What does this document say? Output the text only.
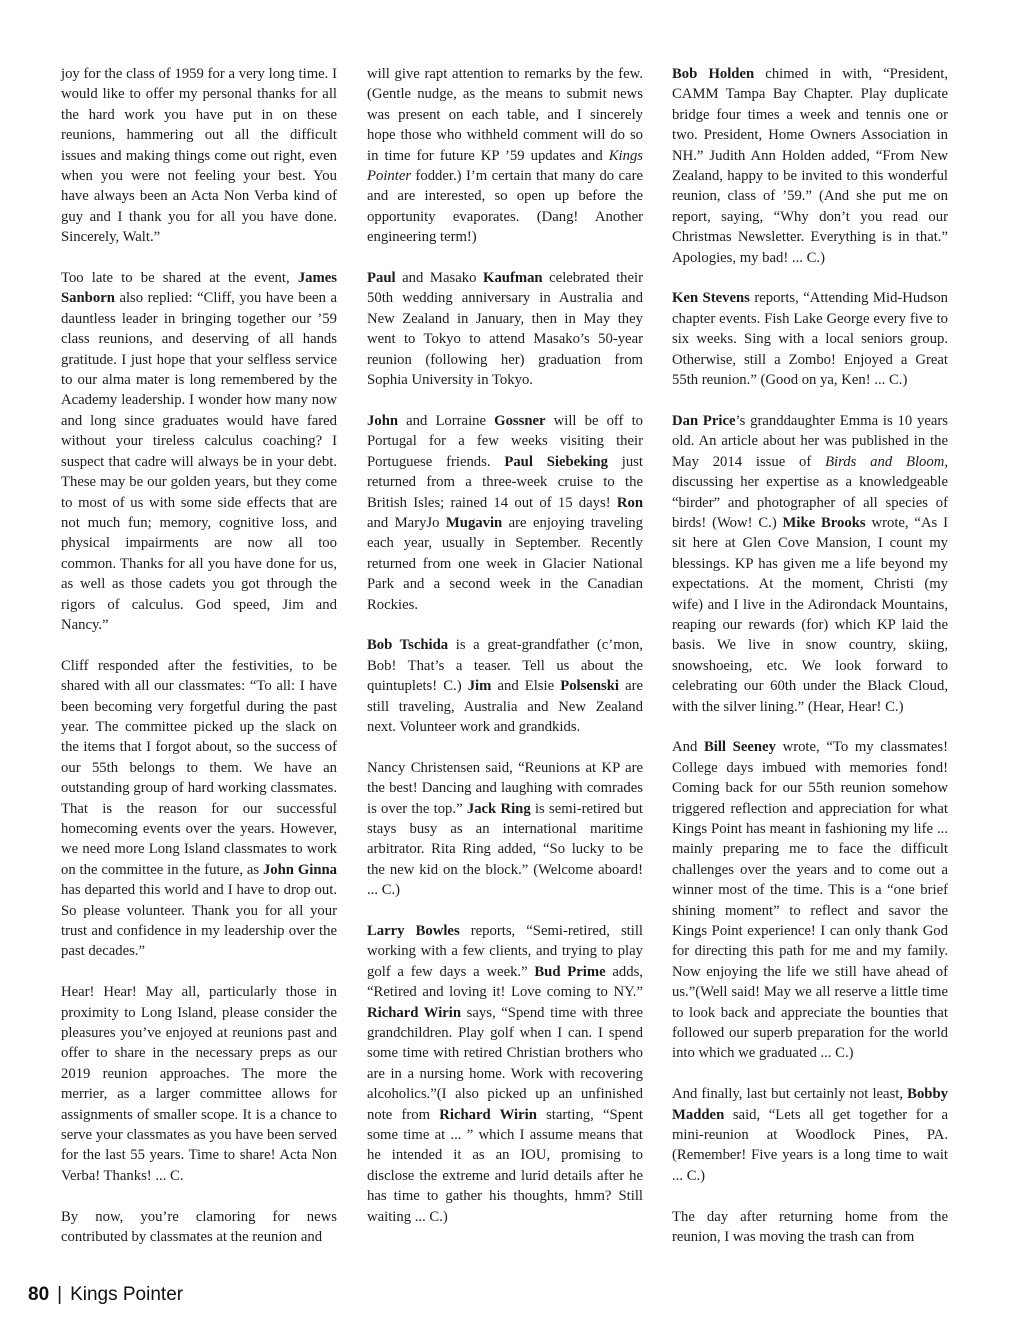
joy for the class of 1959 for a very long time. I would like to offer my personal thanks for all the hard work you have put in on these reunions, hammering out all the difficult issues and making things come out right, even when you were not feeling your best. You have always been an Acta Non Verba kind of guy and I thank you for all you have done. Sincerely, Walt.”

Too late to be shared at the event, James Sanborn also replied: “Cliff, you have been a dauntless leader in bringing together our ’59 class reunions, and deserving of all hands gratitude. I just hope that your selfless service to our alma mater is long remembered by the Academy leadership. I wonder how many now and long since graduates would have fared without your tireless calculus coaching? I suspect that cadre will always be in your debt. These may be our golden years, but they come to most of us with some side effects that are not much fun; memory, cognitive loss, and physical impairments are now all too common. Thanks for all you have done for us, as well as those cadets you got through the rigors of calculus. God speed, Jim and Nancy.”

Cliff responded after the festivities, to be shared with all our classmates: “To all: I have been becoming very forgetful during the past year. The committee picked up the slack on the items that I forgot about, so the success of our 55th belongs to them. We have an outstanding group of hard working classmates. That is the reason for our successful homecoming events over the years. However, we need more Long Island classmates to work on the committee in the future, as John Ginna has departed this world and I have to drop out. So please volunteer. Thank you for all your trust and confidence in my leadership over the past decades.”

Hear! Hear! May all, particularly those in proximity to Long Island, please consider the pleasures you’ve enjoyed at reunions past and offer to share in the necessary preps as our 2019 reunion approaches. The more the merrier, as a larger committee allows for assignments of smaller scope. It is a chance to serve your classmates as you have been served for the last 55 years. Time to share! Acta Non Verba! Thanks! ... C.

By now, you’re clamoring for news contributed by classmates at the reunion and

will give rapt attention to remarks by the few. (Gentle nudge, as the means to submit news was present on each table, and I sincerely hope those who withheld comment will do so in time for future KP ’59 updates and Kings Pointer fodder.) I’m certain that many do care and are interested, so open up before the opportunity evaporates. (Dang! Another engineering term!)

Paul and Masako Kaufman celebrated their 50th wedding anniversary in Australia and New Zealand in January, then in May they went to Tokyo to attend Masako’s 50-year reunion (following her) graduation from Sophia University in Tokyo.

John and Lorraine Gossner will be off to Portugal for a few weeks visiting their Portuguese friends. Paul Siebeking just returned from a three-week cruise to the British Isles; rained 14 out of 15 days! Ron and MaryJo Mugavin are enjoying traveling each year, usually in September. Recently returned from one week in Glacier National Park and a second week in the Canadian Rockies.

Bob Tschida is a great-grandfather (c’mon, Bob! That’s a teaser. Tell us about the quintuplets! C.) Jim and Elsie Polsenski are still traveling, Australia and New Zealand next. Volunteer work and grandkids.

Nancy Christensen said, “Reunions at KP are the best! Dancing and laughing with comrades is over the top.” Jack Ring is semi-retired but stays busy as an international maritime arbitrator. Rita Ring added, “So lucky to be the new kid on the block.” (Welcome aboard! ... C.)

Larry Bowles reports, “Semi-retired, still working with a few clients, and trying to play golf a few days a week.” Bud Prime adds, “Retired and loving it! Love coming to NY.” Richard Wirin says, “Spend time with three grandchildren. Play golf when I can. I spend some time with retired Christian brothers who are in a nursing home. Work with recovering alcoholics.”(I also picked up an unfinished note from Richard Wirin starting, “Spent some time at ... ” which I assume means that he intended it as an IOU, promising to disclose the extreme and lurid details after he has time to gather his thoughts, hmm? Still waiting ... C.)

Bob Holden chimed in with, “President, CAMM Tampa Bay Chapter. Play duplicate bridge four times a week and tennis one or two. President, Home Owners Association in NH.” Judith Ann Holden added, “From New Zealand, happy to be invited to this wonderful reunion, class of ’59.” (And she put me on report, saying, “Why don’t you read our Christmas Newsletter. Everything is in that.” Apologies, my bad! ... C.)

Ken Stevens reports, “Attending Mid-Hudson chapter events. Fish Lake George every five to six weeks. Sing with a local seniors group. Otherwise, still a Zombo! Enjoyed a Great 55th reunion.” (Good on ya, Ken! ... C.)

Dan Price’s granddaughter Emma is 10 years old. An article about her was published in the May 2014 issue of Birds and Bloom, discussing her expertise as a knowledgeable “birder” and photographer of all species of birds! (Wow! C.) Mike Brooks wrote, “As I sit here at Glen Cove Mansion, I count my blessings. KP has given me a life beyond my expectations. At the moment, Christi (my wife) and I live in the Adirondack Mountains, reaping our rewards (for) which KP laid the basis. We live in snow country, skiing, snowshoeing, etc. We look forward to celebrating our 60th under the Black Cloud, with the silver lining.” (Hear, Hear! C.)

And Bill Seeney wrote, “To my classmates! College days imbued with memories fond! Coming back for our 55th reunion somehow triggered reflection and appreciation for what Kings Point has meant in fashioning my life ... mainly preparing me to face the difficult challenges over the years and to come out a winner most of the time. This is a “one brief shining moment” to reflect and savor the Kings Point experience! I can only thank God for directing this path for me and my family. Now enjoying the life we still have ahead of us.”(Well said! May we all reserve a little time to look back and appreciate the bounties that followed our superb preparation for the world into which we graduated ... C.)

And finally, last but certainly not least, Bobby Madden said, “Lets all get together for a mini-reunion at Woodlock Pines, PA. (Remember! Five years is a long time to wait ... C.)

The day after returning home from the reunion, I was moving the trash can from

80 | Kings Pointer
